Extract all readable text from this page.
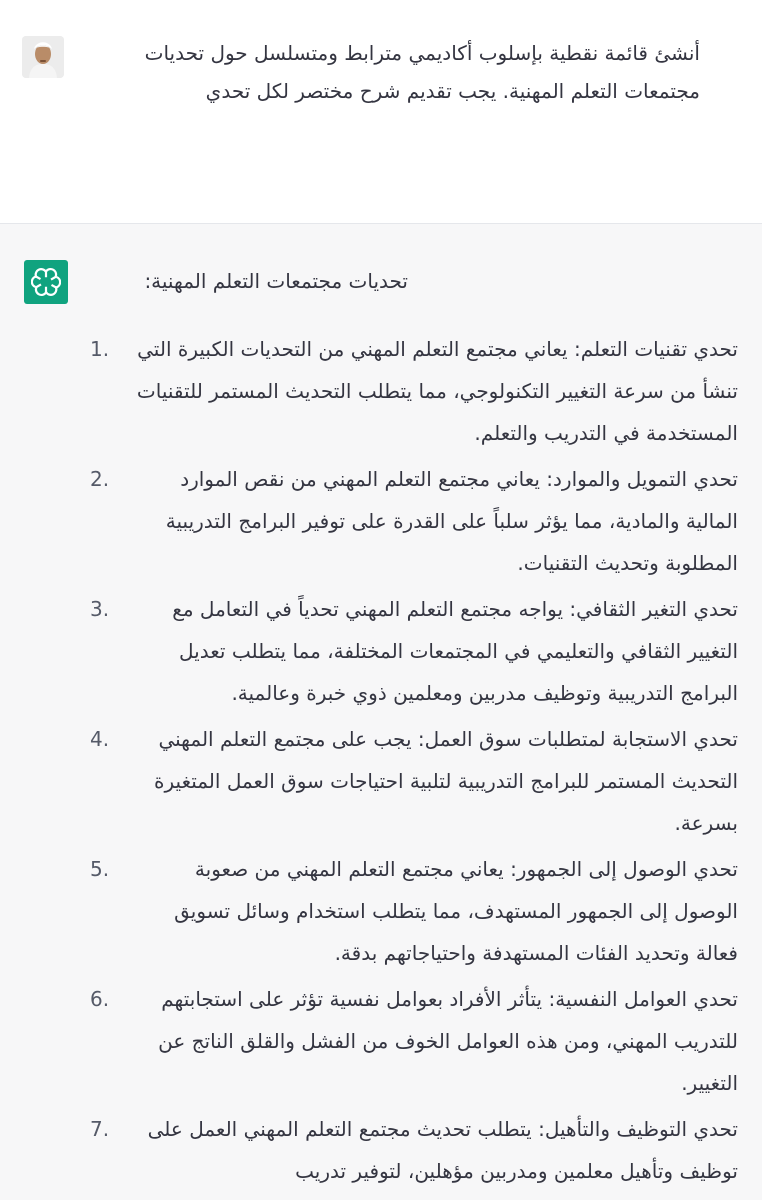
أنشئ قائمة نقطية بإسلوب أكاديمي مترابط ومتسلسل حول تحديات مجتمعات التعلم المهنية. يجب تقديم شرح مختصر لكل تحدي
تحديات مجتمعات التعلم المهنية:
1.	تحدي تقنيات التعلم: يعاني مجتمع التعلم المهني من التحديات الكبيرة التي تنشأ من سرعة التغيير التكنولوجي، مما يتطلب التحديث المستمر للتقنيات المستخدمة في التدريب والتعلم.
2.	تحدي التمويل والموارد: يعاني مجتمع التعلم المهني من نقص الموارد المالية والمادية، مما يؤثر سلباً على القدرة على توفير البرامج التدريبية المطلوبة وتحديث التقنيات.
3.	تحدي التغير الثقافي: يواجه مجتمع التعلم المهني تحدياً في التعامل مع التغيير الثقافي والتعليمي في المجتمعات المختلفة، مما يتطلب تعديل البرامج التدريبية وتوظيف مدربين ومعلمين ذوي خبرة وعالمية.
4.	تحدي الاستجابة لمتطلبات سوق العمل: يجب على مجتمع التعلم المهني التحديث المستمر للبرامج التدريبية لتلبية احتياجات سوق العمل المتغيرة بسرعة.
5.	تحدي الوصول إلى الجمهور: يعاني مجتمع التعلم المهني من صعوبة الوصول إلى الجمهور المستهدف، مما يتطلب استخدام وسائل تسويق فعالة وتحديد الفئات المستهدفة واحتياجاتهم بدقة.
6.	تحدي العوامل النفسية: يتأثر الأفراد بعوامل نفسية تؤثر على استجابتهم للتدريب المهني، ومن هذه العوامل الخوف من الفشل والقلق الناتج عن التغيير.
7.	تحدي التوظيف والتأهيل: يتطلب تحديث مجتمع التعلم المهني العمل على توظيف وتأهيل معلمين ومدربين مؤهلين، لتوفير تدريب
